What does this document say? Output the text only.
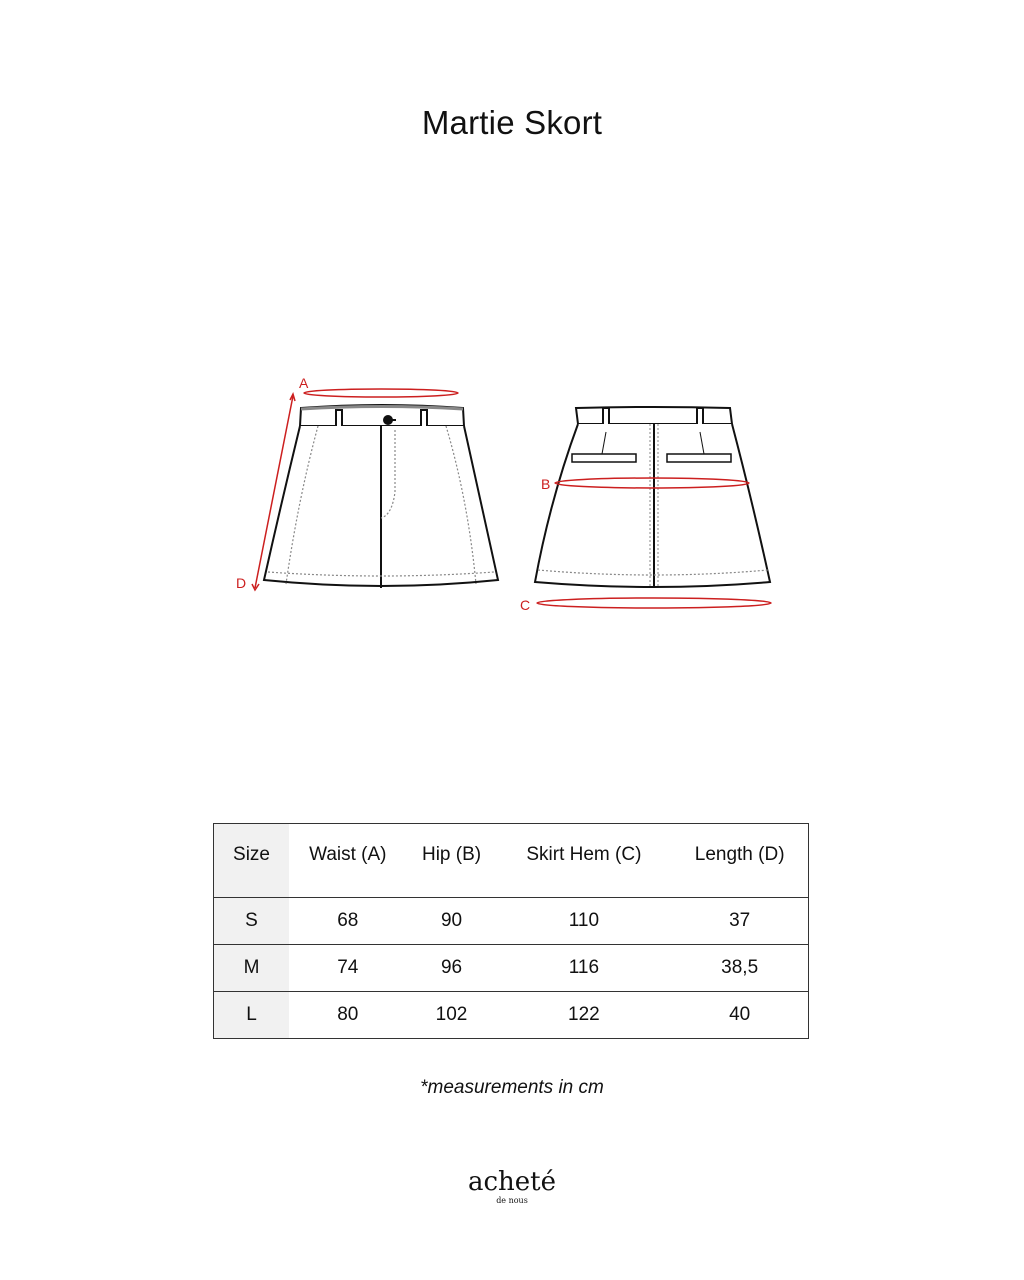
Martie Skort
A
D
B
C
Size	Waist (A)	Hip (B)	Skirt Hem (C)	Length (D)
S	68	90	110	37
M	74	96	116	38,5
L	80	102	122	40
*measurements in cm
acheté
de nous
